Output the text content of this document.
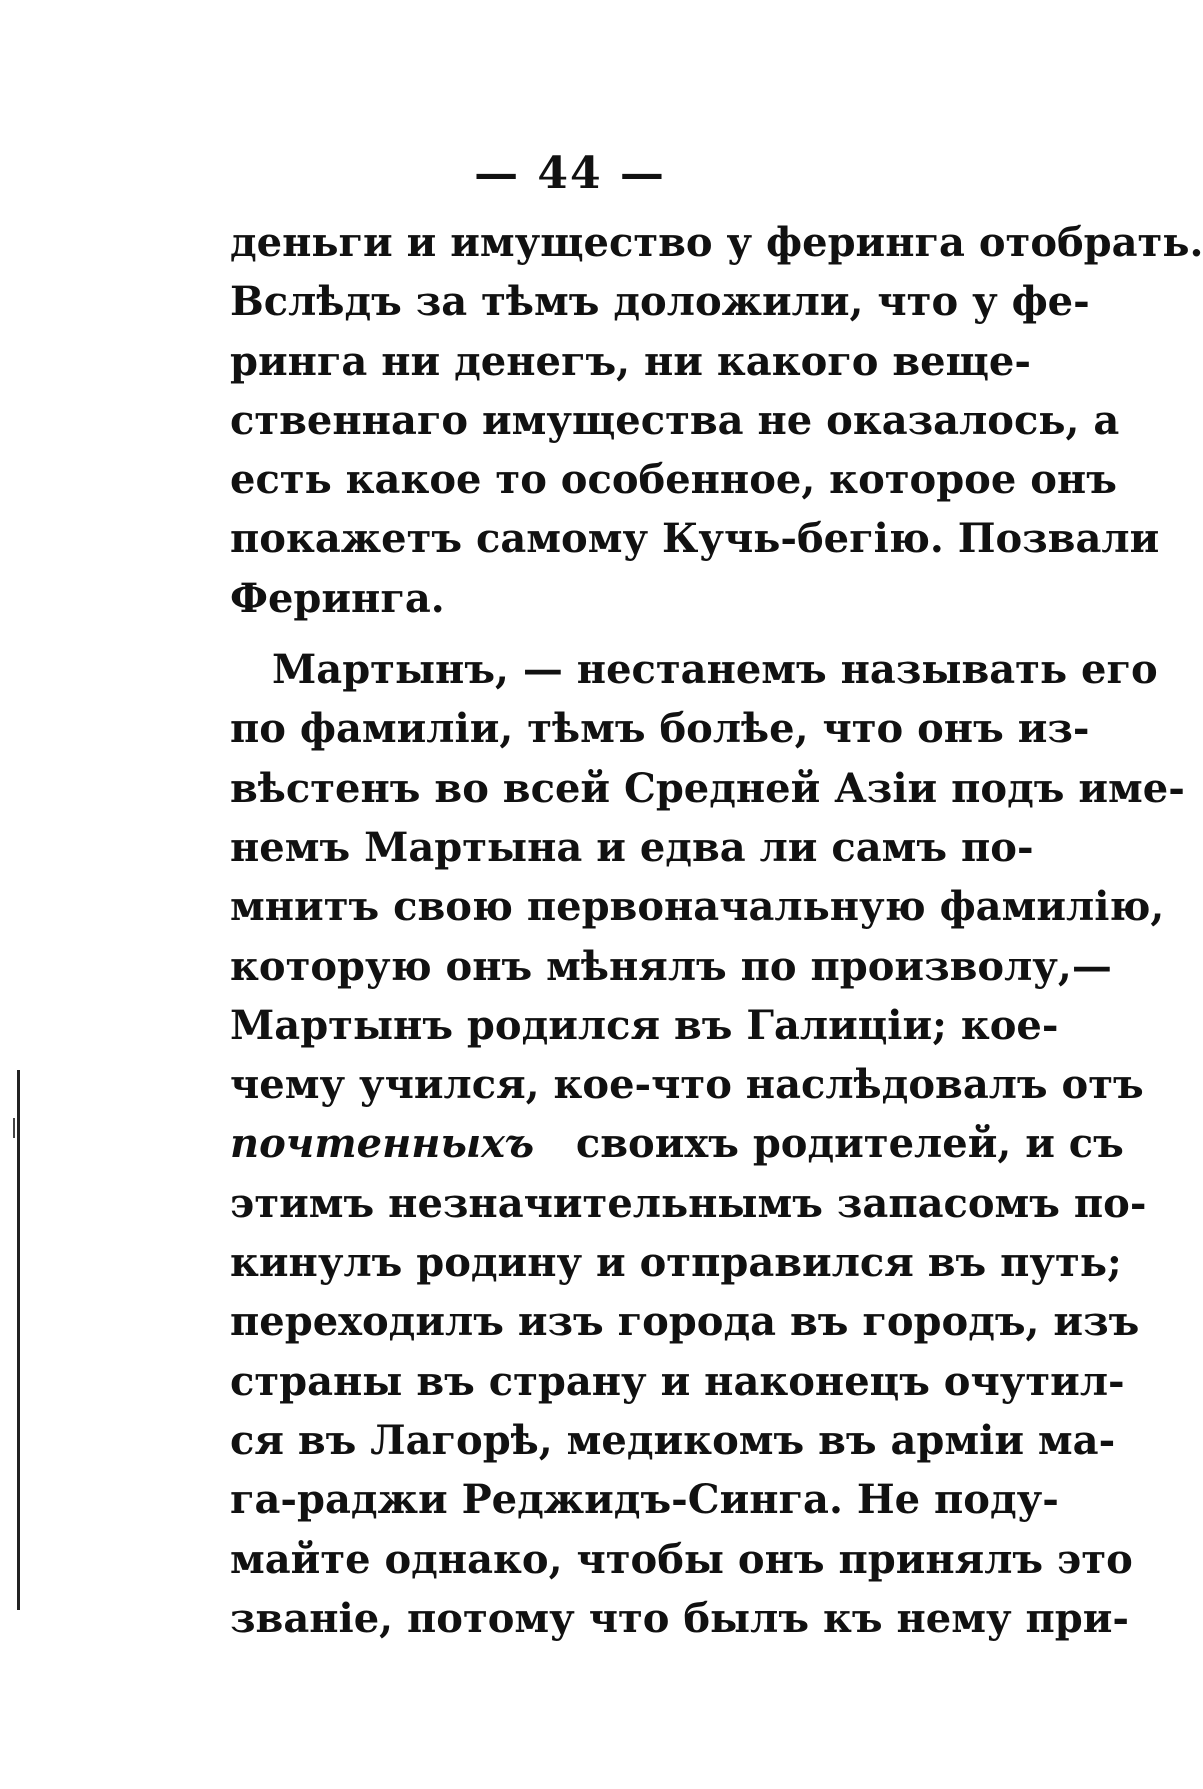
— 44 —
деньги и имущество у феринга отобрать.
Вслѣдъ за тѣмъ доложили, что у фе-
ринга ни денегъ, ни какого веще-
ственнаго имущества не оказалось, а
есть какое то особенное, которое онъ
покажетъ самому Кучь-бегію. Позвали
Феринга.
Мартынъ, — нестанемъ называть его
по фамиліи, тѣмъ болѣе, что онъ из-
вѣстенъ во всей Средней Азіи подъ име-
немъ Мартына и едва ли самъ по-
мнитъ свою первоначальную фамилію,
которую онъ мѣнялъ по произволу,—
Мартынъ родился въ Галиціи; кое-
чему учился, кое-что наслѣдовалъ отъ
почтенныхъ своихъ родителей, и съ
этимъ незначительнымъ запасомъ по-
кинулъ родину и отправился въ путь;
переходилъ изъ города въ городъ, изъ
страны въ страну и наконецъ очутил-
ся въ Лагорѣ, медикомъ въ арміи ма-
га-раджи Реджидъ-Синга. Не поду-
майте однако, чтобы онъ принялъ это
званіе, потому что былъ къ нему при-
